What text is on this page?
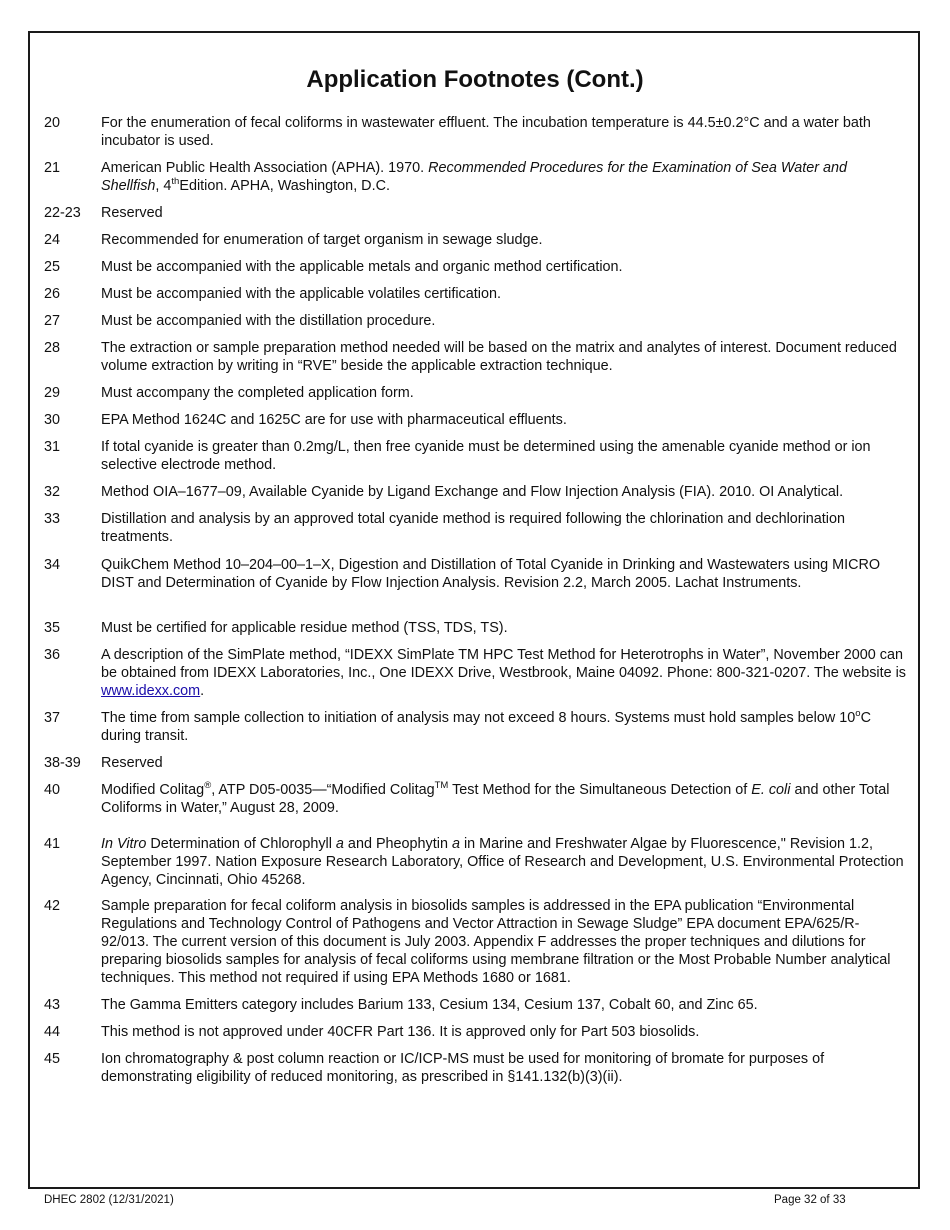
Application Footnotes (Cont.)
20	For the enumeration of fecal coliforms in wastewater effluent. The incubation temperature is 44.5±0.2°C and a water bath incubator is used.
21	American Public Health Association (APHA). 1970. Recommended Procedures for the Examination of Sea Water and Shellfish, 4thEdition. APHA, Washington, D.C.
22-23	Reserved
24	Recommended for enumeration of target organism in sewage sludge.
25	Must be accompanied with the applicable metals and organic method certification.
26	Must be accompanied with the applicable volatiles certification.
27	Must be accompanied with the distillation procedure.
28	The extraction or sample preparation method needed will be based on the matrix and analytes of interest. Document reduced volume extraction by writing in “RVE” beside the applicable extraction technique.
29	Must accompany the completed application form.
30	EPA Method 1624C and 1625C are for use with pharmaceutical effluents.
31	If total cyanide is greater than 0.2mg/L, then free cyanide must be determined using the amenable cyanide method or ion selective electrode method.
32	Method OIA–1677–09, Available Cyanide by Ligand Exchange and Flow Injection Analysis (FIA). 2010. OI Analytical.
33	Distillation and analysis by an approved total cyanide method is required following the chlorination and dechlorination treatments.
34	QuikChem Method 10–204–00–1–X, Digestion and Distillation of Total Cyanide in Drinking and Wastewaters using MICRO DIST and Determination of Cyanide by Flow Injection Analysis. Revision 2.2, March 2005. Lachat Instruments.
35	Must be certified for applicable residue method (TSS, TDS, TS).
36	A description of the SimPlate method, “IDEXX SimPlate TM HPC Test Method for Heterotrophs in Water”, November 2000 can be obtained from IDEXX Laboratories, Inc., One IDEXX Drive, Westbrook, Maine 04092. Phone: 800-321-0207. The website is www.idexx.com.
37	The time from sample collection to initiation of analysis may not exceed 8 hours. Systems must hold samples below 10$^o$C during transit.
38-39	Reserved
40	Modified Colitag®, ATP D05-0035—“Modified Colitag™ Test Method for the Simultaneous Detection of E. coli and other Total Coliforms in Water,” August 28, 2009.
41	In Vitro Determination of Chlorophyll a and Pheophytin a in Marine and Freshwater Algae by Fluorescence," Revision 1.2, September 1997. Nation Exposure Research Laboratory, Office of Research and Development, U.S. Environmental Protection Agency, Cincinnati, Ohio 45268.
42	Sample preparation for fecal coliform analysis in biosolids samples is addressed in the EPA publication “Environmental Regulations and Technology Control of Pathogens and Vector Attraction in Sewage Sludge” EPA document EPA/625/R-92/013. The current version of this document is July 2003. Appendix F addresses the proper techniques and dilutions for preparing biosolids samples for analysis of fecal coliforms using membrane filtration or the Most Probable Number analytical techniques. This method not required if using EPA Methods 1680 or 1681.
43	The Gamma Emitters category includes Barium 133, Cesium 134, Cesium 137, Cobalt 60, and Zinc 65.
44	This method is not approved under 40CFR Part 136. It is approved only for Part 503 biosolids.
45	Ion chromatography & post column reaction or IC/ICP-MS must be used for monitoring of bromate for purposes of demonstrating eligibility of reduced monitoring, as prescribed in §141.132(b)(3)(ii).
DHEC 2802 (12/31/2021)	Page 32 of 33
